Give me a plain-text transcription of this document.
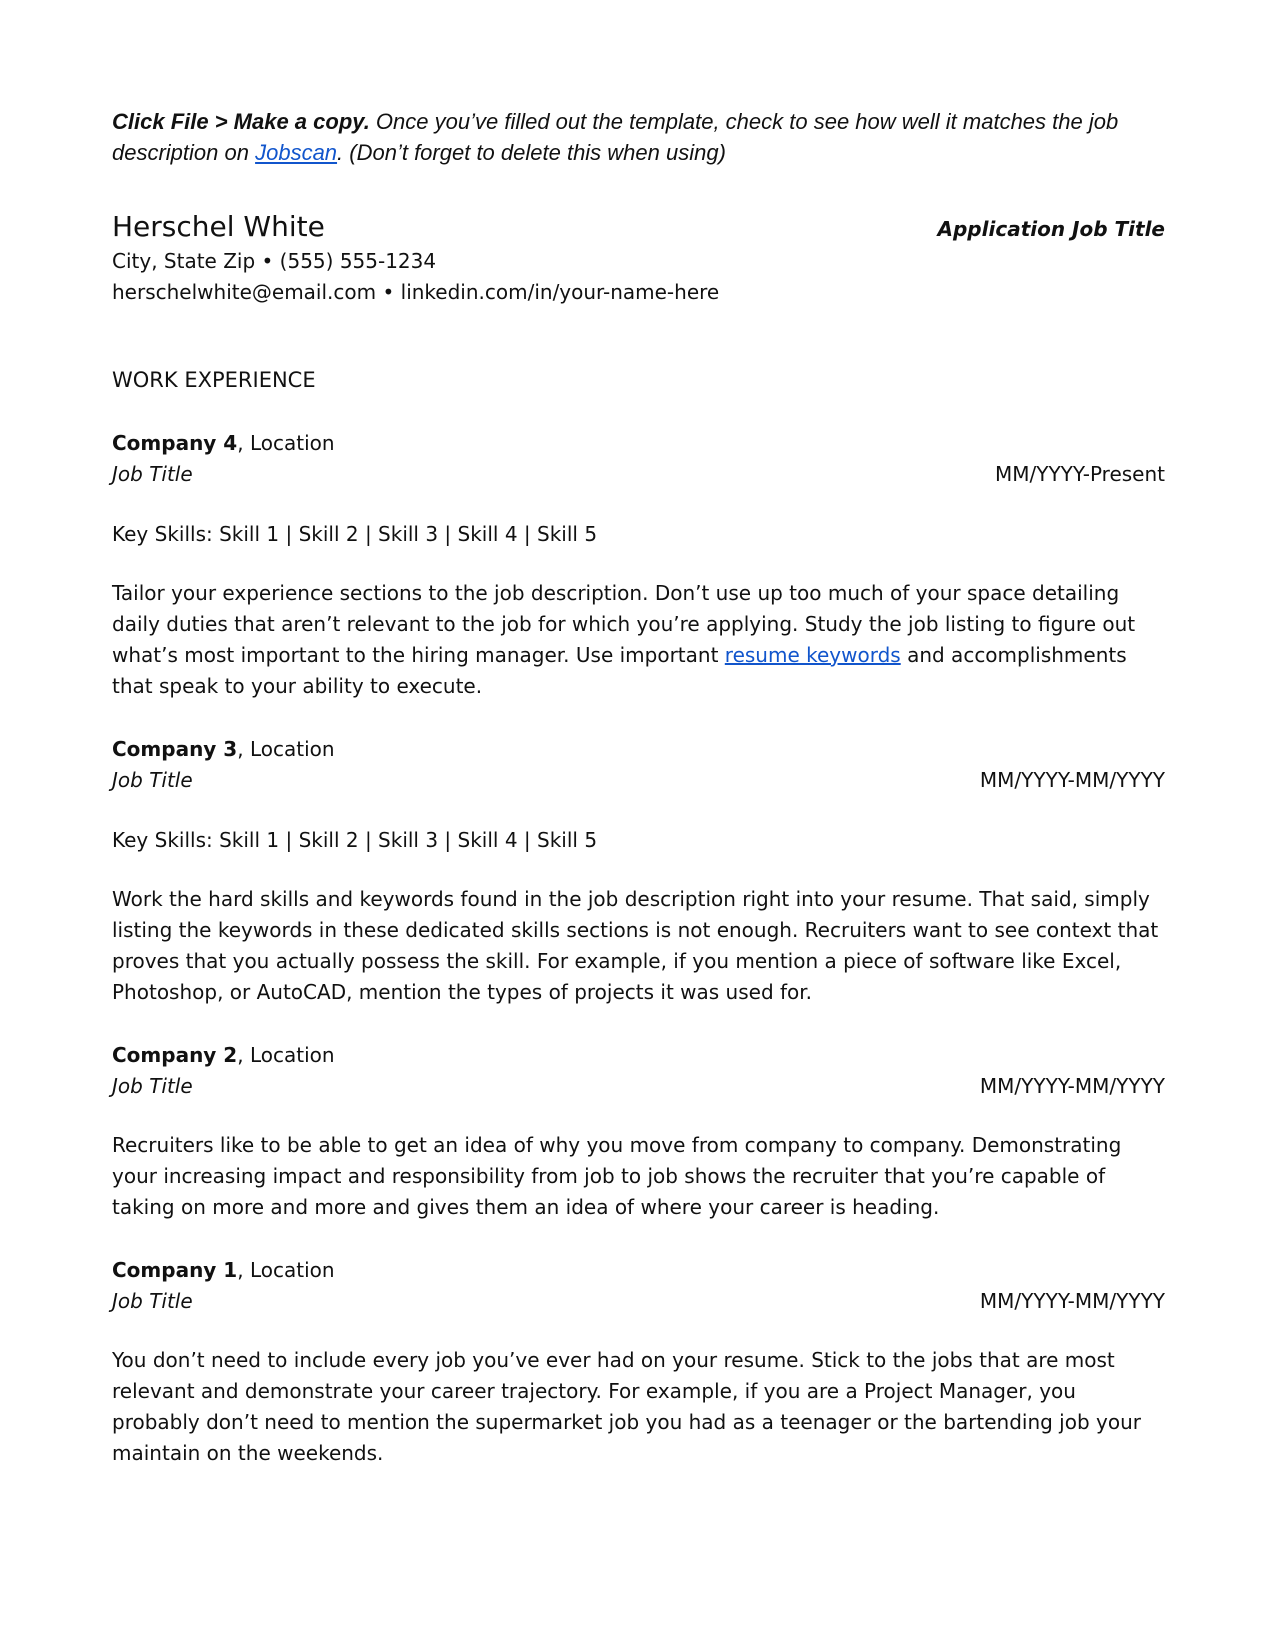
Click File > Make a copy. Once you’ve filled out the template, check to see how well it matches the job description on Jobscan. (Don’t forget to delete this when using)

Herschel White	Application Job Title

City, State Zip • (555) 555-1234

herschelwhite@email.com • linkedin.com/in/your-name-here

WORK EXPERIENCE

Company 4, Location

Job Title	MM/YYYY-Present

Key Skills: Skill 1 | Skill 2 | Skill 3 | Skill 4 | Skill 5

Tailor your experience sections to the job description. Don’t use up too much of your space detailing daily duties that aren’t relevant to the job for which you’re applying. Study the job listing to figure out what’s most important to the hiring manager. Use important resume keywords and accomplishments that speak to your ability to execute.

Company 3, Location

Job Title	MM/YYYY-MM/YYYY

Key Skills: Skill 1 | Skill 2 | Skill 3 | Skill 4 | Skill 5

Work the hard skills and keywords found in the job description right into your resume. That said, simply listing the keywords in these dedicated skills sections is not enough. Recruiters want to see context that proves that you actually possess the skill. For example, if you mention a piece of software like Excel, Photoshop, or AutoCAD, mention the types of projects it was used for.

Company 2, Location

Job Title	MM/YYYY-MM/YYYY

Recruiters like to be able to get an idea of why you move from company to company. Demonstrating your increasing impact and responsibility from job to job shows the recruiter that you’re capable of taking on more and more and gives them an idea of where your career is heading.

Company 1, Location

Job Title	MM/YYYY-MM/YYYY

You don’t need to include every job you’ve ever had on your resume. Stick to the jobs that are most relevant and demonstrate your career trajectory. For example, if you are a Project Manager, you probably don’t need to mention the supermarket job you had as a teenager or the bartending job your maintain on the weekends.
